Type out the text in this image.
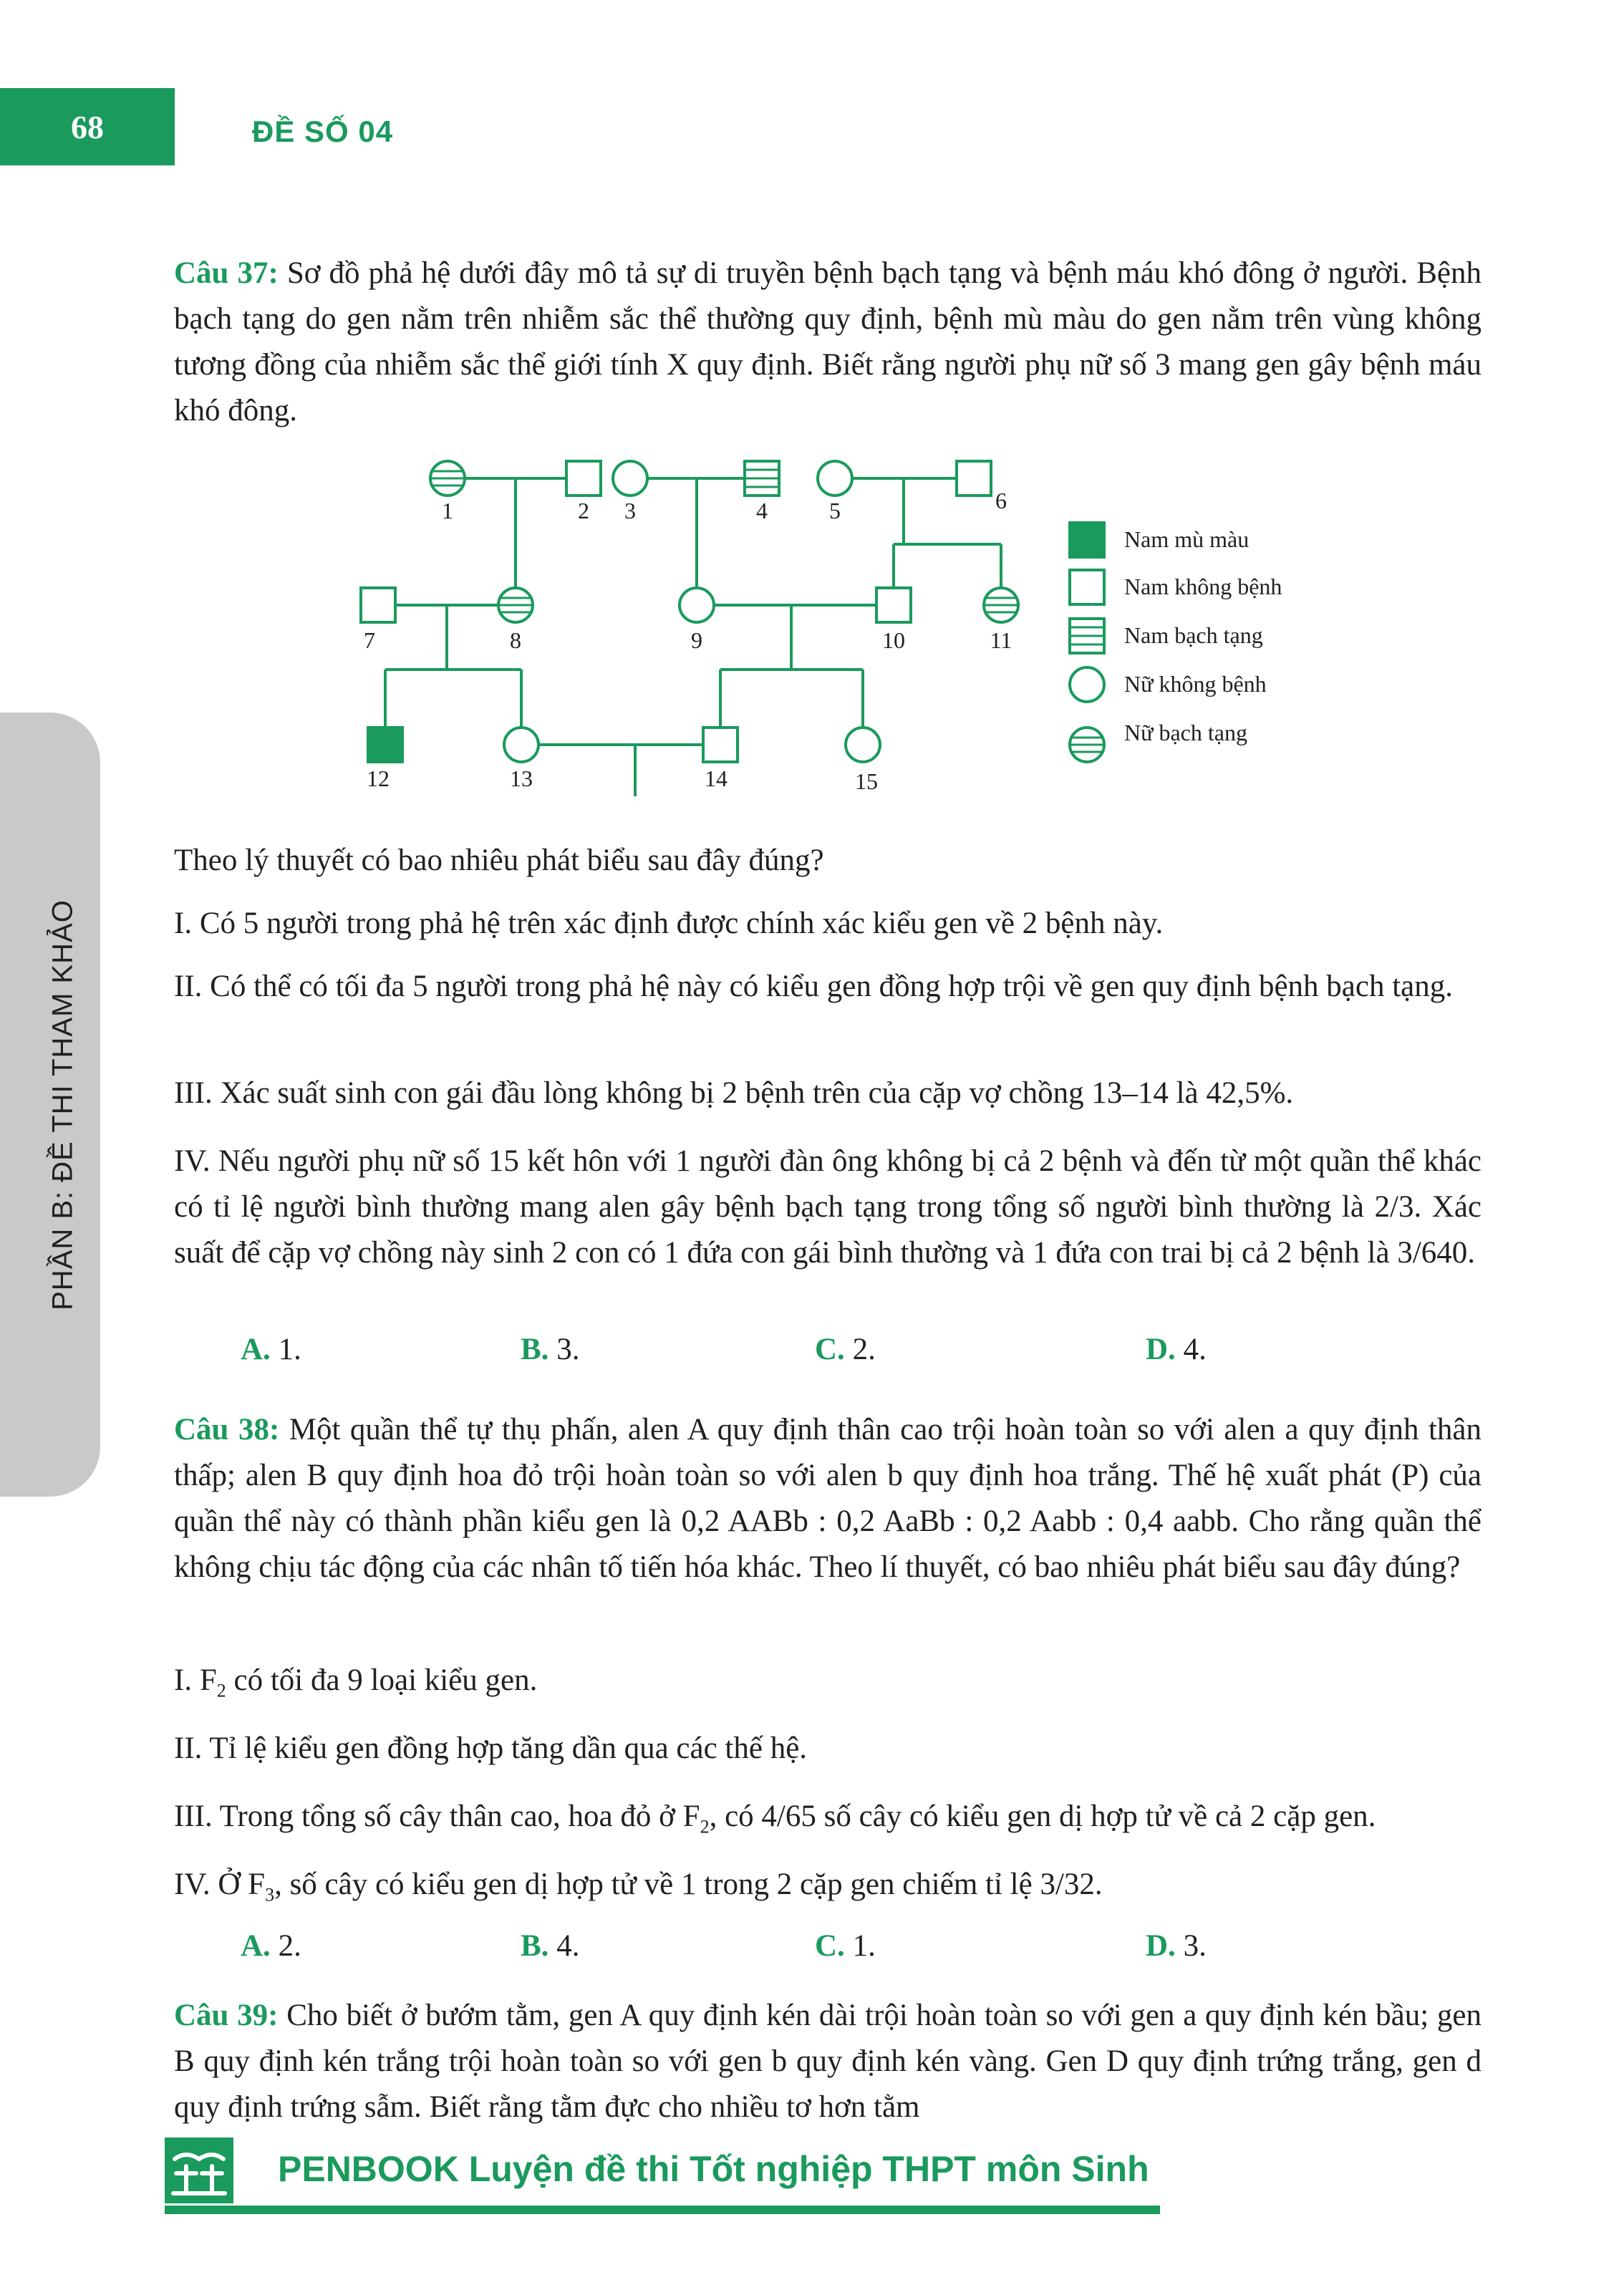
68	ĐỀ SỐ 04
PHẦN B: ĐỀ THI THAM KHẢO

Câu 37: Sơ đồ phả hệ dưới đây mô tả sự di truyền bệnh bạch tạng và bệnh máu khó đông ở người. Bệnh bạch tạng do gen nằm trên nhiễm sắc thể thường quy định, bệnh mù màu do gen nằm trên vùng không tương đồng của nhiễm sắc thể giới tính X quy định. Biết rằng người phụ nữ số 3 mang gen gây bệnh máu khó đông.

1	2 3	4	5	6
7	8	9	10	11
12	13	14	15
Nam mù màu
Nam không bệnh
Nam bạch tạng
Nữ không bệnh
Nữ bạch tạng

Theo lý thuyết có bao nhiêu phát biểu sau đây đúng?

I. Có 5 người trong phả hệ trên xác định được chính xác kiểu gen về 2 bệnh này.

II. Có thể có tối đa 5 người trong phả hệ này có kiểu gen đồng hợp trội về gen quy định bệnh bạch tạng.

III. Xác suất sinh con gái đầu lòng không bị 2 bệnh trên của cặp vợ chồng 13–14 là 42,5%.

IV. Nếu người phụ nữ số 15 kết hôn với 1 người đàn ông không bị cả 2 bệnh và đến từ một quần thể khác có tỉ lệ người bình thường mang alen gây bệnh bạch tạng trong tổng số người bình thường là 2/3. Xác suất để cặp vợ chồng này sinh 2 con có 1 đứa con gái bình thường và 1 đứa con trai bị cả 2 bệnh là 3/640.

A. 1.	B. 3.	C. 2.	D. 4.

Câu 38: Một quần thể tự thụ phấn, alen A quy định thân cao trội hoàn toàn so với alen a quy định thân thấp; alen B quy định hoa đỏ trội hoàn toàn so với alen b quy định hoa trắng. Thế hệ xuất phát (P) của quần thể này có thành phần kiểu gen là 0,2 AABb : 0,2 AaBb : 0,2 Aabb : 0,4 aabb. Cho rằng quần thể không chịu tác động của các nhân tố tiến hóa khác. Theo lí thuyết, có bao nhiêu phát biểu sau đây đúng?

I. $F_2$ có tối đa 9 loại kiểu gen.

II. Tỉ lệ kiểu gen đồng hợp tăng dần qua các thế hệ.

III. Trong tổng số cây thân cao, hoa đỏ ở $F_2$, có 4/65 số cây có kiểu gen dị hợp tử về cả 2 cặp gen.

IV. Ở $F_3$, số cây có kiểu gen dị hợp tử về 1 trong 2 cặp gen chiếm tỉ lệ 3/32.

A. 2.	B. 4.	C. 1.	D. 3.

Câu 39: Cho biết ở bướm tằm, gen A quy định kén dài trội hoàn toàn so với gen a quy định kén bầu; gen B quy định kén trắng trội hoàn toàn so với gen b quy định kén vàng. Gen D quy định trứng trắng, gen d quy định trứng sẫm. Biết rằng tằm đực cho nhiều tơ hơn tằm

PENBOOK Luyện đề thi Tốt nghiệp THPT môn Sinh
